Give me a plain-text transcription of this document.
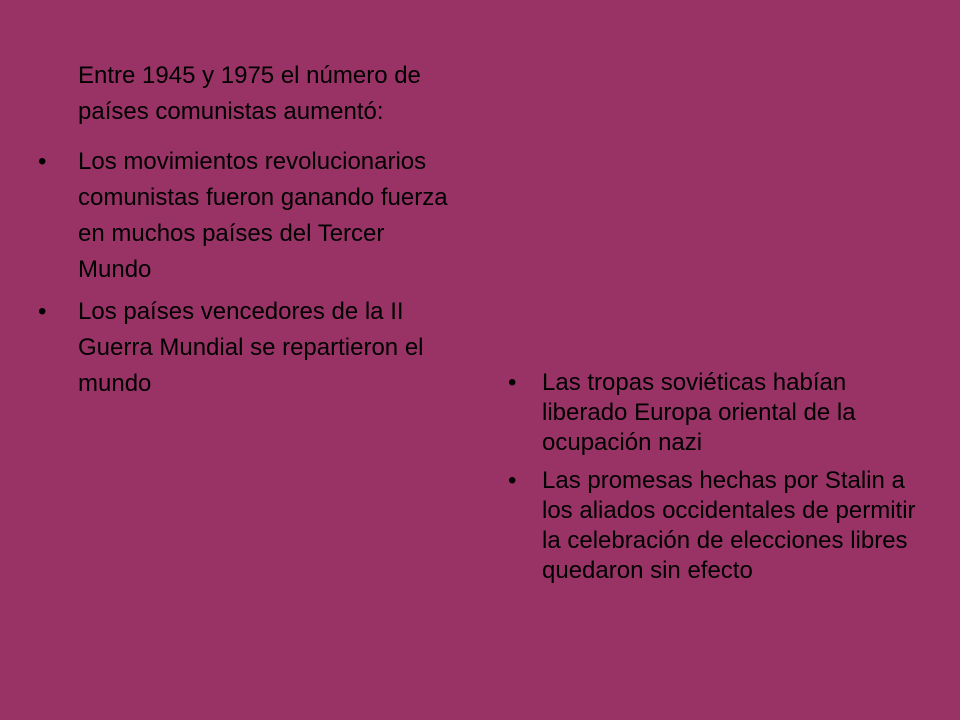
Entre 1945 y 1975 el número de países comunistas aumentó:

• Los movimientos revolucionarios comunistas fueron ganando fuerza en muchos países del Tercer Mundo
• Los países vencedores de la II Guerra Mundial se repartieron el mundo	• Las tropas soviéticas habían liberado Europa oriental de la ocupación nazi
• Las promesas hechas por Stalin a los aliados occidentales de permitir la celebración de elecciones libres quedaron sin efecto
